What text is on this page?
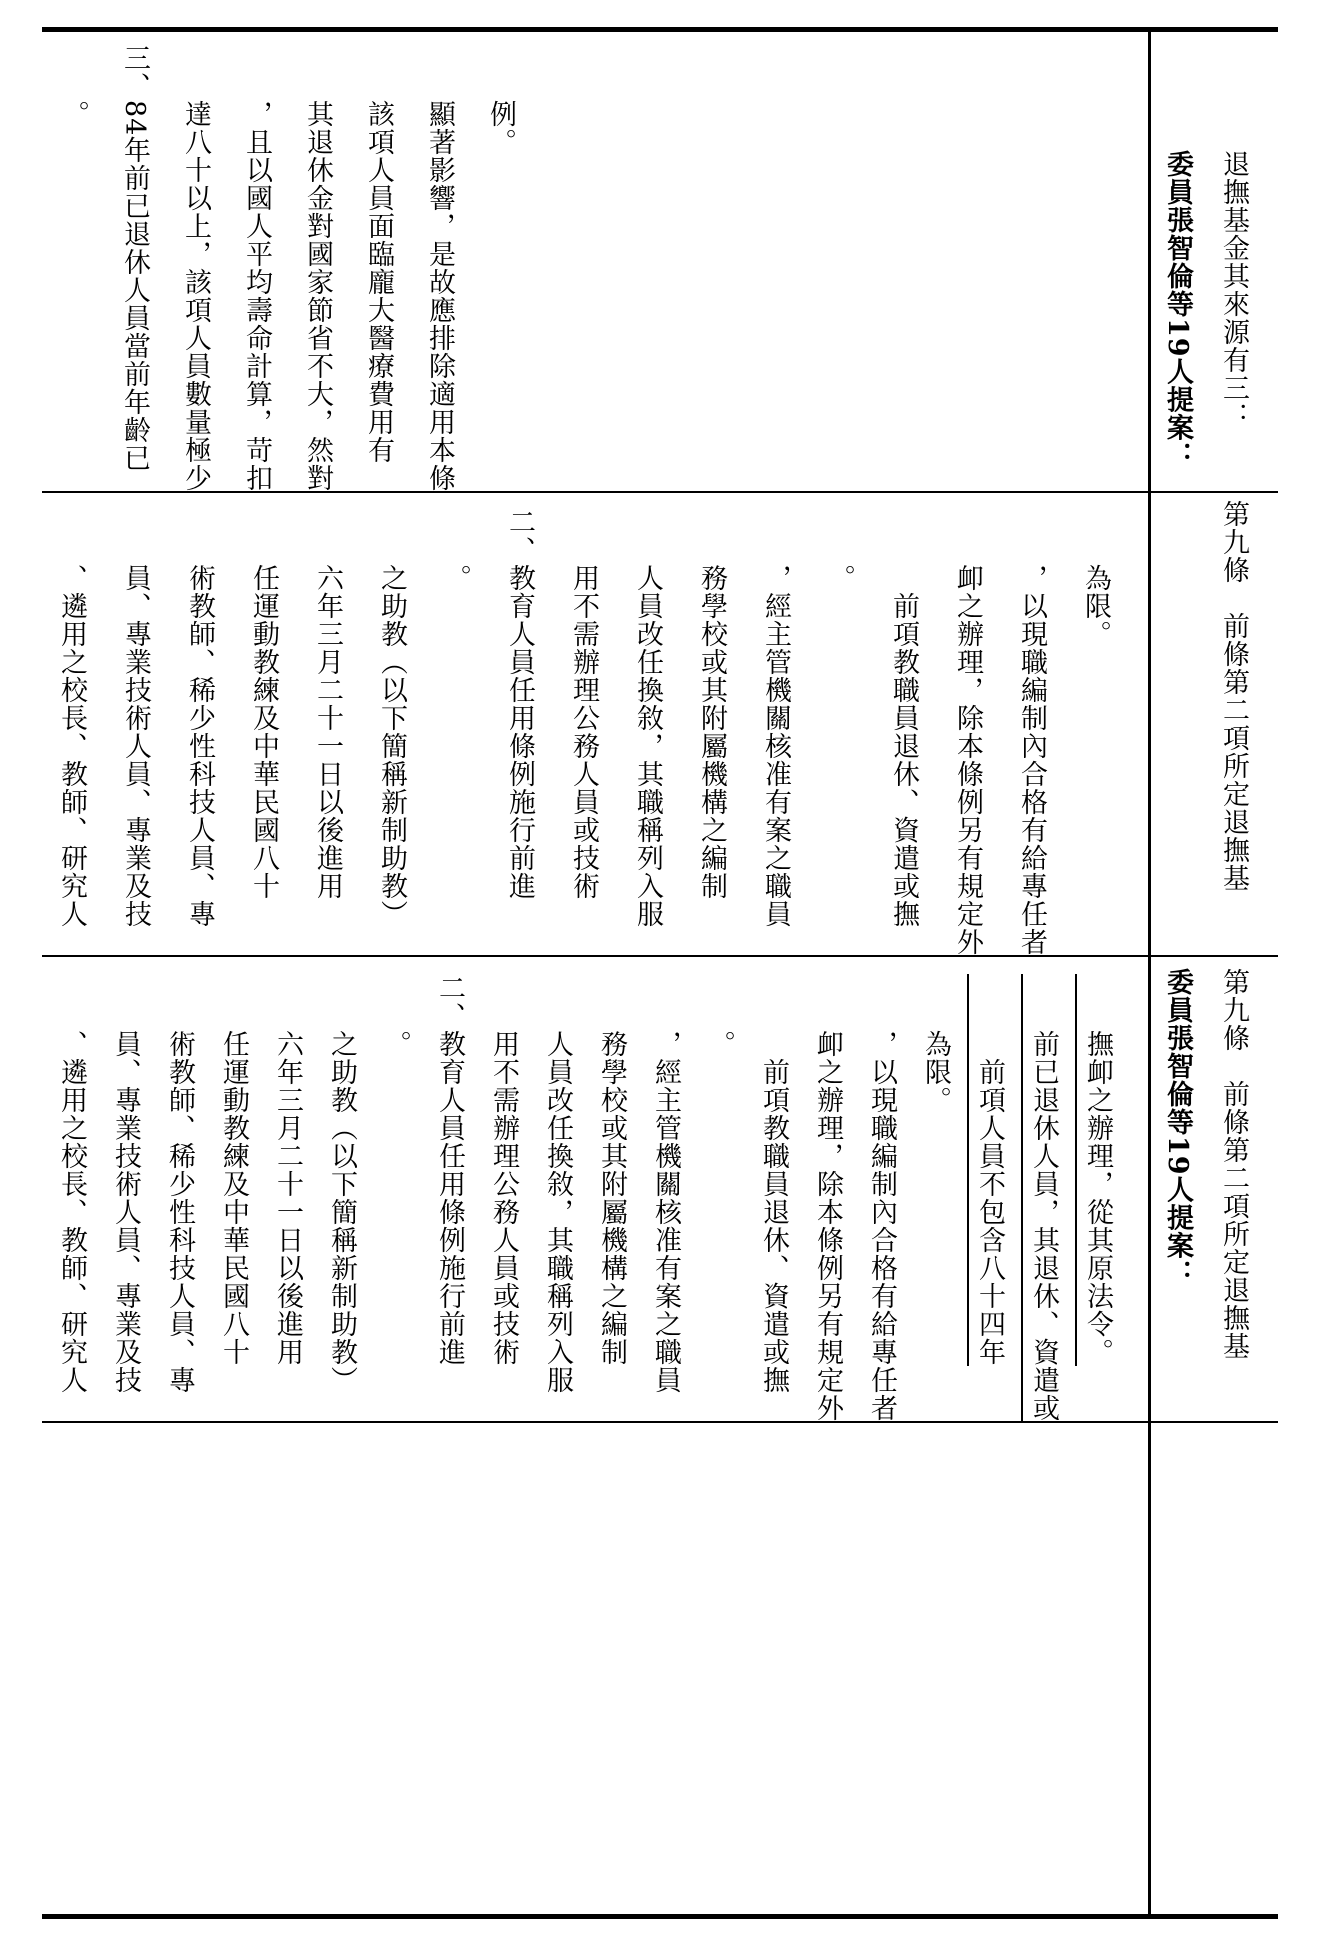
委員張智倫等19人提案： 退撫基金其來源有三：
　　。 三、84年前已退休人員當前年齡已 　　達八十以上，該項人員數量極少 　　，且以國人平均壽命計算，苛扣 　　其退休金對國家節省不大，然對 　　該項人員面臨龐大醫療費用有 　　顯著影響，是故應排除適用本條 　　例。
第九條　前條第二項所定退撫基
　　、遴用之校長、教師、研究人 　　員、專業技術人員、專業及技 　　術教師、稀少性科技人員、專 　　任運動教練及中華民國八十 　　六年三月二十一日以後進用 　　之助教（以下簡稱新制助教） 　　。 二、教育人員任用條例施行前進 　　用不需辦理公務人員或技術 　　人員改任換敘，其職稱列入服 　　務學校或其附屬機構之編制 　　，經主管機關核准有案之職員 　　。 　　　前項教職員退休、資遣或撫 　　卹之辦理，除本條例另有規定外 　　，以現職編制內合格有給專任者 　　為限。
委員張智倫等19人提案： 第九條　前條第二項所定退撫基
　　、遴用之校長、教師、研究人 　　員、專業技術人員、專業及技 　　術教師、稀少性科技人員、專 　　任運動教練及中華民國八十 　　六年三月二十一日以後進用 　　之助教（以下簡稱新制助教） 　　。 二、教育人員任用條例施行前進 　　用不需辦理公務人員或技術 　　人員改任換敘，其職稱列入服 　　務學校或其附屬機構之編制 　　，經主管機關核准有案之職員 　　。 　　　前項教職員退休、資遣或撫 　　卹之辦理，除本條例另有規定外 　　，以現職編制內合格有給專任者 　　為限。 　　　前項人員不包含八十四年 　　前已退休人員，其退休、資遣或 　　撫卹之辦理，從其原法令。
